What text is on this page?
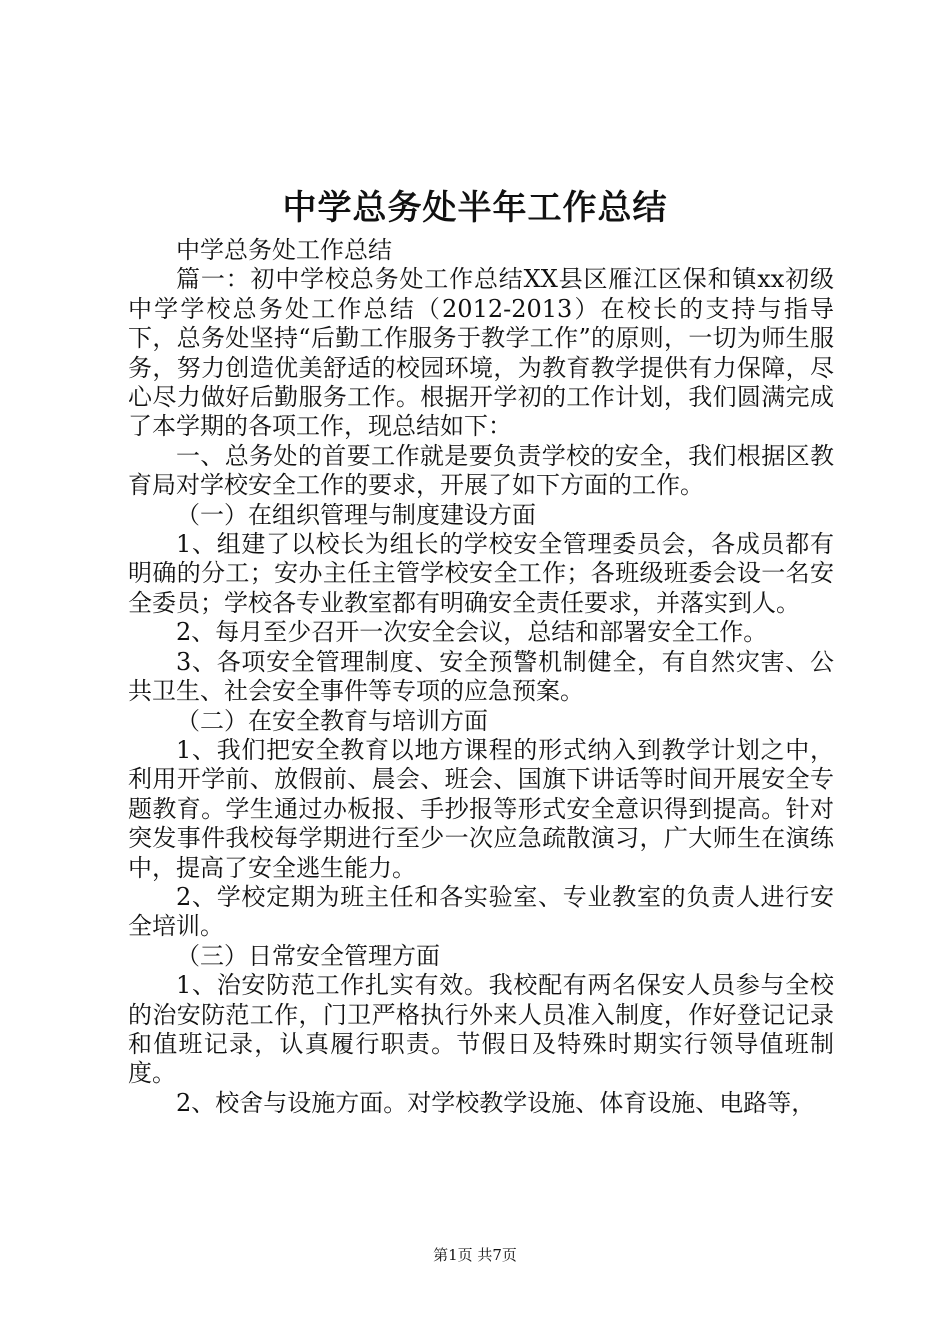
中学总务处半年工作总结

中学总务处工作总结

篇一：初中学校总务处工作总结XX县区雁江区保和镇xx初级中学学校总务处工作总结（2012-2013）在校长的支持与指导下，总务处坚持“后勤工作服务于教学工作”的原则，一切为师生服务，努力创造优美舒适的校园环境，为教育教学提供有力保障，尽心尽力做好后勤服务工作。根据开学初的工作计划，我们圆满完成了本学期的各项工作，现总结如下：

一、总务处的首要工作就是要负责学校的安全，我们根据区教育局对学校安全工作的要求，开展了如下方面的工作。

（一）在组织管理与制度建设方面

1、组建了以校长为组长的学校安全管理委员会，各成员都有明确的分工；安办主任主管学校安全工作；各班级班委会设一名安全委员；学校各专业教室都有明确安全责任要求，并落实到人。

2、每月至少召开一次安全会议，总结和部署安全工作。

3、各项安全管理制度、安全预警机制健全，有自然灾害、公共卫生、社会安全事件等专项的应急预案。

（二）在安全教育与培训方面

1、我们把安全教育以地方课程的形式纳入到教学计划之中，利用开学前、放假前、晨会、班会、国旗下讲话等时间开展安全专题教育。学生通过办板报、手抄报等形式安全意识得到提高。针对突发事件我校每学期进行至少一次应急疏散演习，广大师生在演练中，提高了安全逃生能力。

2、学校定期为班主任和各实验室、专业教室的负责人进行安全培训。

（三）日常安全管理方面

1、治安防范工作扎实有效。我校配有两名保安人员参与全校的治安防范工作，门卫严格执行外来人员准入制度，作好登记记录和值班记录，认真履行职责。节假日及特殊时期实行领导值班制度。

2、校舍与设施方面。对学校教学设施、体育设施、电路等，

第1页 共7页
